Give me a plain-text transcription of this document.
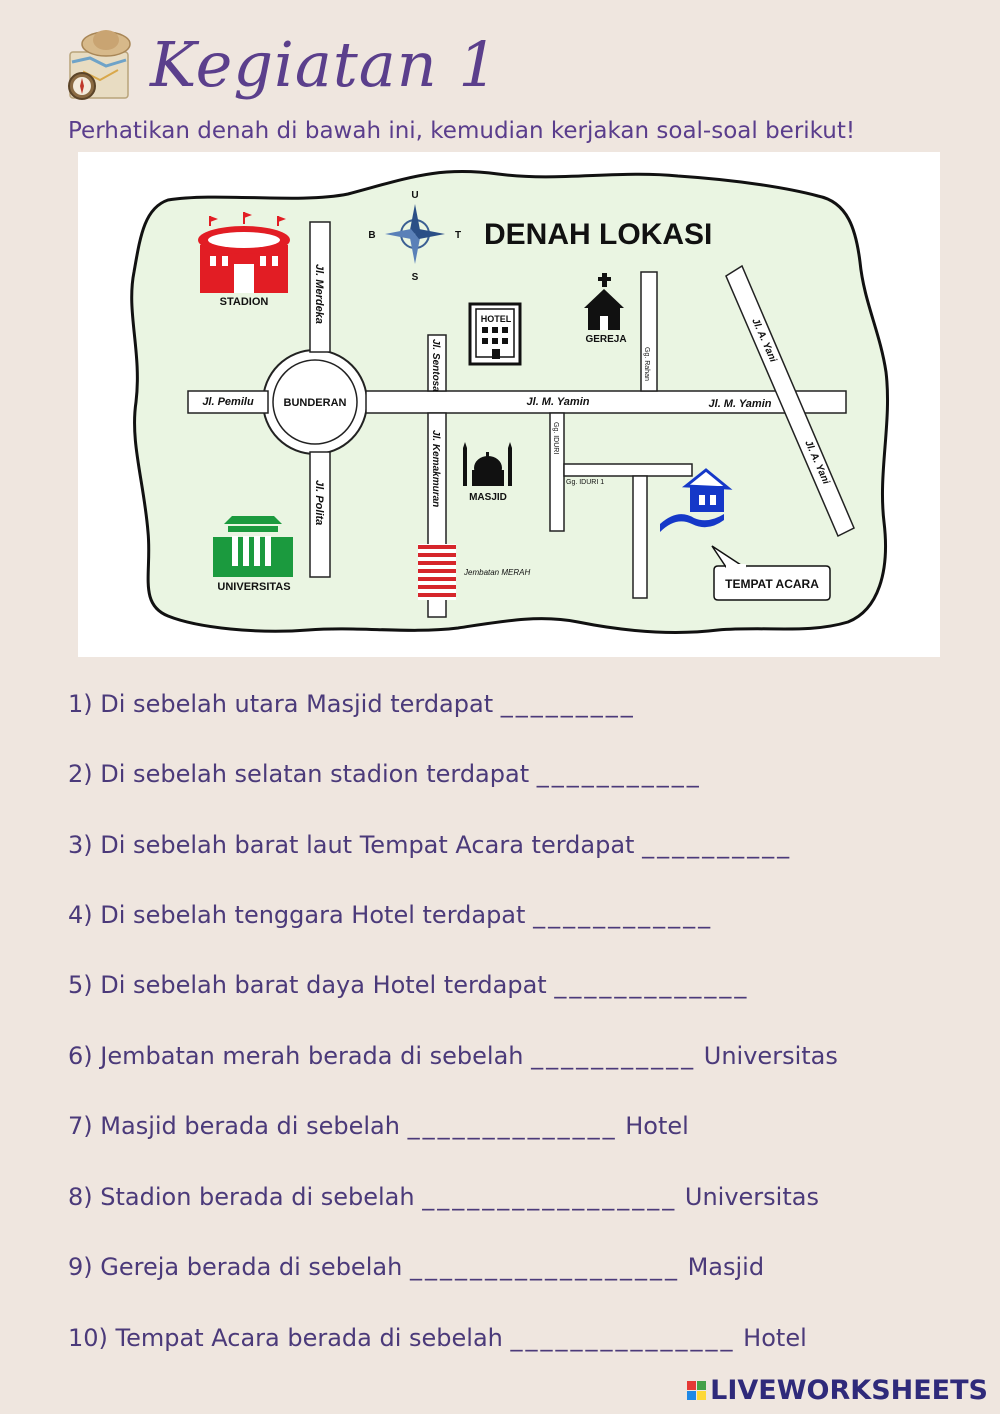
Kegiatan 1
Perhatikan denah di bawah ini, kemudian kerjakan soal-soal berikut!
U
S
B	T DENAH LOKASI
STADION
BUNDERAN
UNIVERSITAS
HOTEL
GEREJA
MASJID
TEMPAT ACARA
Jembatan MERAH
Jl. Pemilu
Jl. Merdeka
Jl. Polita
Jl. Sentosa
Jl. Kemakmuran
Jl. M. Yamin	Jl. M. Yamin
Jl. A. Yani
Jl. A. Yani
Gg. Rahan
Gg. IDURI
Gg. IDURI 1
1) Di sebelah utara Masjid terdapat _________
2) Di sebelah selatan stadion terdapat ___________
3) Di sebelah barat laut Tempat Acara terdapat __________
4) Di sebelah tenggara Hotel terdapat ____________
5) Di sebelah barat daya Hotel terdapat _____________
6) Jembatan merah berada di sebelah ___________ Universitas
7) Masjid berada di sebelah ______________ Hotel
8) Stadion berada di sebelah _________________ Universitas
9) Gereja berada di sebelah __________________ Masjid
10) Tempat Acara berada di sebelah _______________ Hotel
LIVEWORKSHEETS
